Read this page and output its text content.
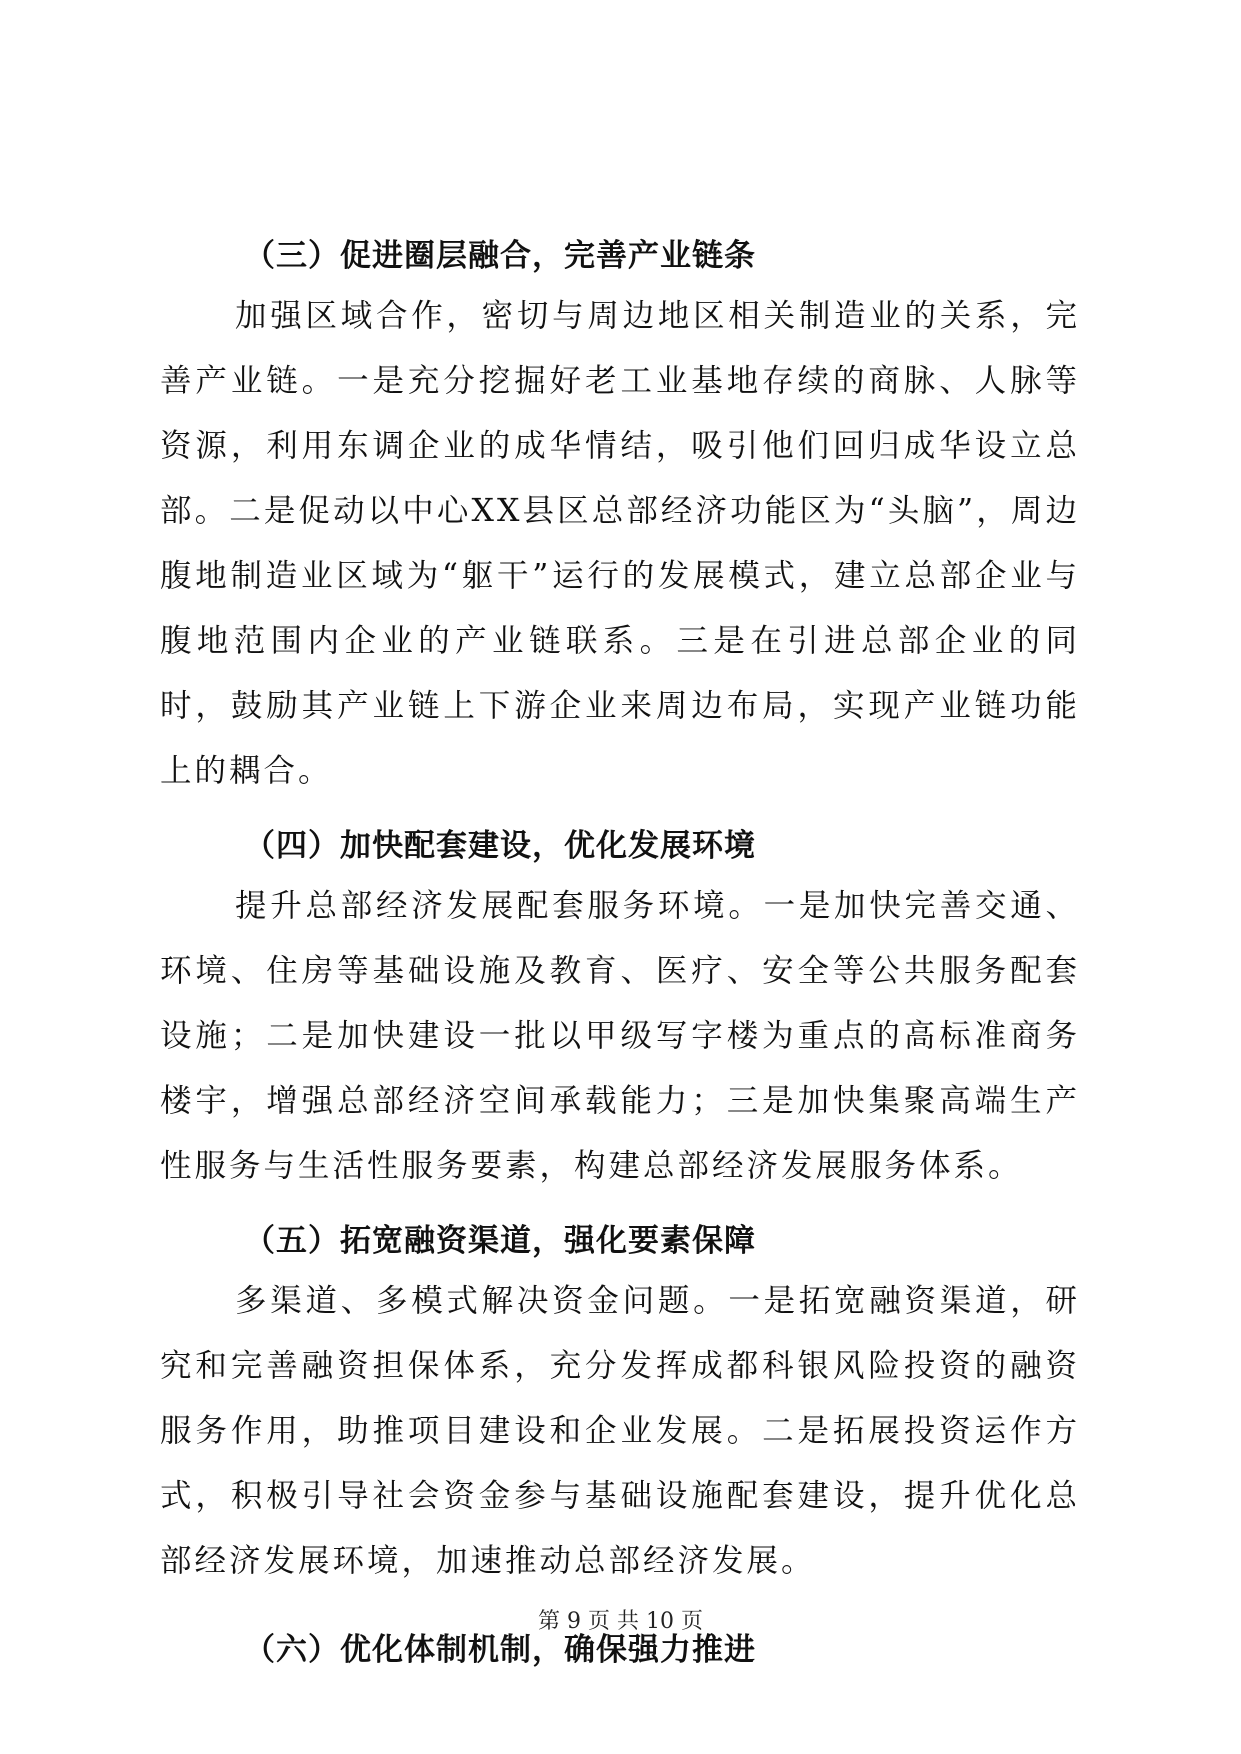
（三）促进圈层融合，完善产业链条

加强区域合作，密切与周边地区相关制造业的关系，完善产业链。一是充分挖掘好老工业基地存续的商脉、人脉等资源，利用东调企业的成华情结，吸引他们回归成华设立总部。二是促动以中心XX县区总部经济功能区为“头脑”，周边腹地制造业区域为“躯干”运行的发展模式，建立总部企业与腹地范围内企业的产业链联系。三是在引进总部企业的同时，鼓励其产业链上下游企业来周边布局，实现产业链功能上的耦合。

（四）加快配套建设，优化发展环境

提升总部经济发展配套服务环境。一是加快完善交通、环境、住房等基础设施及教育、医疗、安全等公共服务配套设施；二是加快建设一批以甲级写字楼为重点的高标准商务楼宇，增强总部经济空间承载能力；三是加快集聚高端生产性服务与生活性服务要素，构建总部经济发展服务体系。

（五）拓宽融资渠道，强化要素保障

多渠道、多模式解决资金问题。一是拓宽融资渠道，研究和完善融资担保体系，充分发挥成都科银风险投资的融资服务作用，助推项目建设和企业发展。二是拓展投资运作方式，积极引导社会资金参与基础设施配套建设，提升优化总部经济发展环境，加速推动总部经济发展。

（六）优化体制机制，确保强力推进
第 9 页 共 10 页
